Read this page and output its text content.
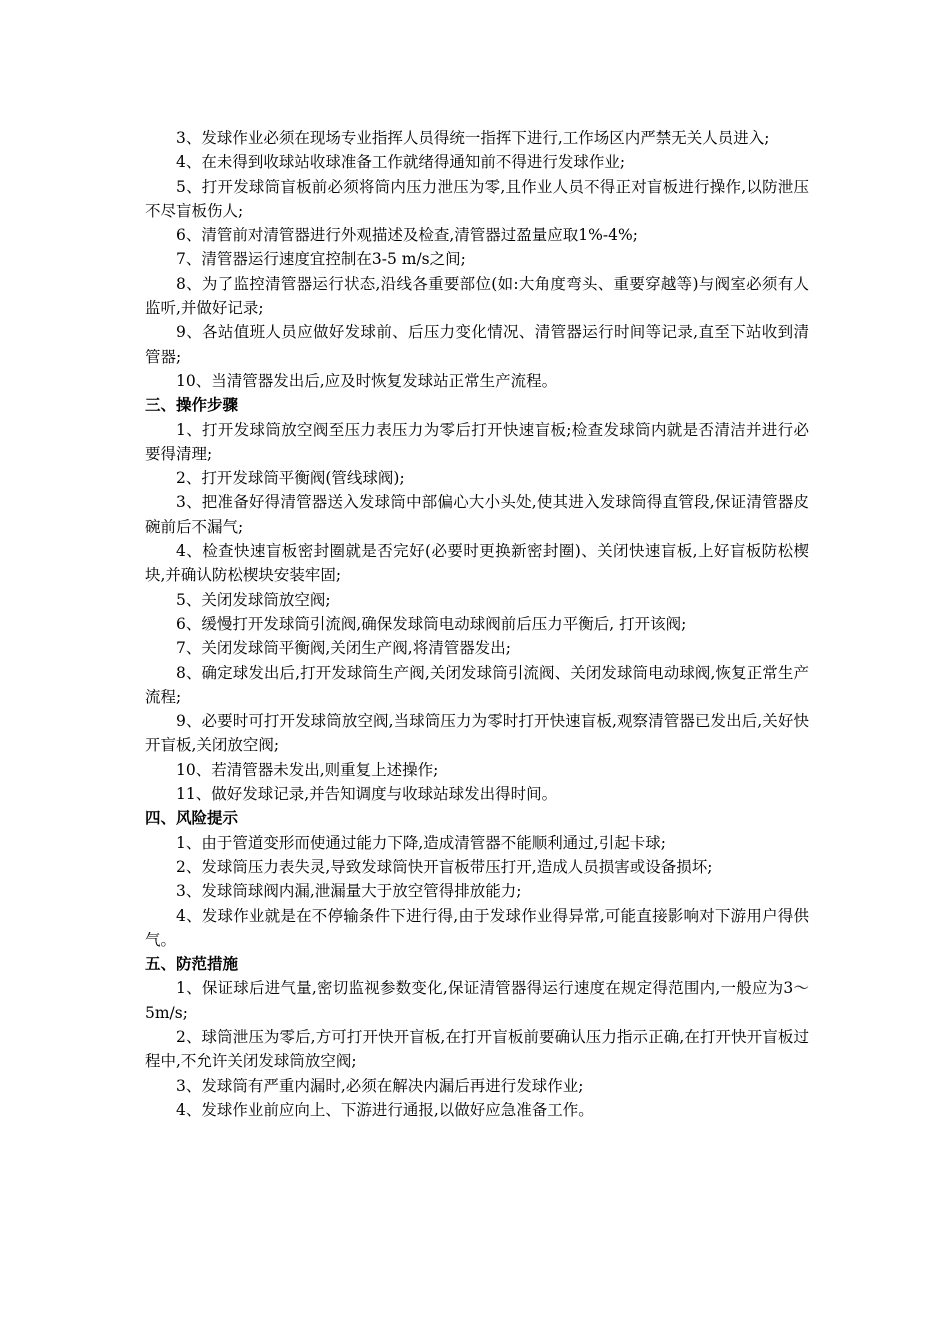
3、发球作业必须在现场专业指挥人员得统一指挥下进行,工作场区内严禁无关人员进入;

4、在未得到收球站收球准备工作就绪得通知前不得进行发球作业;

5、打开发球筒盲板前必须将筒内压力泄压为零,且作业人员不得正对盲板进行操作,以防泄压不尽盲板伤人;

6、清管前对清管器进行外观描述及检查,清管器过盈量应取1%-4%;

7、清管器运行速度宜控制在3-5 m/s之间;

8、为了监控清管器运行状态,沿线各重要部位(如:大角度弯头、重要穿越等)与阀室必须有人监听,并做好记录;

9、各站值班人员应做好发球前、后压力变化情况、清管器运行时间等记录,直至下站收到清管器;

10、当清管器发出后,应及时恢复发球站正常生产流程。

三、操作步骤

1、打开发球筒放空阀至压力表压力为零后打开快速盲板;检查发球筒内就是否清洁并进行必要得清理;

2、打开发球筒平衡阀(管线球阀);

3、把准备好得清管器送入发球筒中部偏心大小头处,使其进入发球筒得直管段,保证清管器皮碗前后不漏气;

4、检查快速盲板密封圈就是否完好(必要时更换新密封圈)、关闭快速盲板,上好盲板防松楔块,并确认防松楔块安装牢固;

5、关闭发球筒放空阀;

6、缓慢打开发球筒引流阀,确保发球筒电动球阀前后压力平衡后, 打开该阀;

7、关闭发球筒平衡阀,关闭生产阀,将清管器发出;

8、确定球发出后,打开发球筒生产阀,关闭发球筒引流阀、关闭发球筒电动球阀,恢复正常生产流程;

9、必要时可打开发球筒放空阀,当球筒压力为零时打开快速盲板,观察清管器已发出后,关好快开盲板,关闭放空阀;

10、若清管器未发出,则重复上述操作;

11、做好发球记录,并告知调度与收球站球发出得时间。

四、风险提示

1、由于管道变形而使通过能力下降,造成清管器不能顺利通过,引起卡球;

2、发球筒压力表失灵,导致发球筒快开盲板带压打开,造成人员损害或设备损坏;

3、发球筒球阀内漏,泄漏量大于放空管得排放能力;

4、发球作业就是在不停输条件下进行得,由于发球作业得异常,可能直接影响对下游用户得供气。

五、防范措施

1、保证球后进气量,密切监视参数变化,保证清管器得运行速度在规定得范围内,一般应为3～5m/s;

2、球筒泄压为零后,方可打开快开盲板,在打开盲板前要确认压力指示正确,在打开快开盲板过程中,不允许关闭发球筒放空阀;

3、发球筒有严重内漏时,必须在解决内漏后再进行发球作业;

4、发球作业前应向上、下游进行通报,以做好应急准备工作。
